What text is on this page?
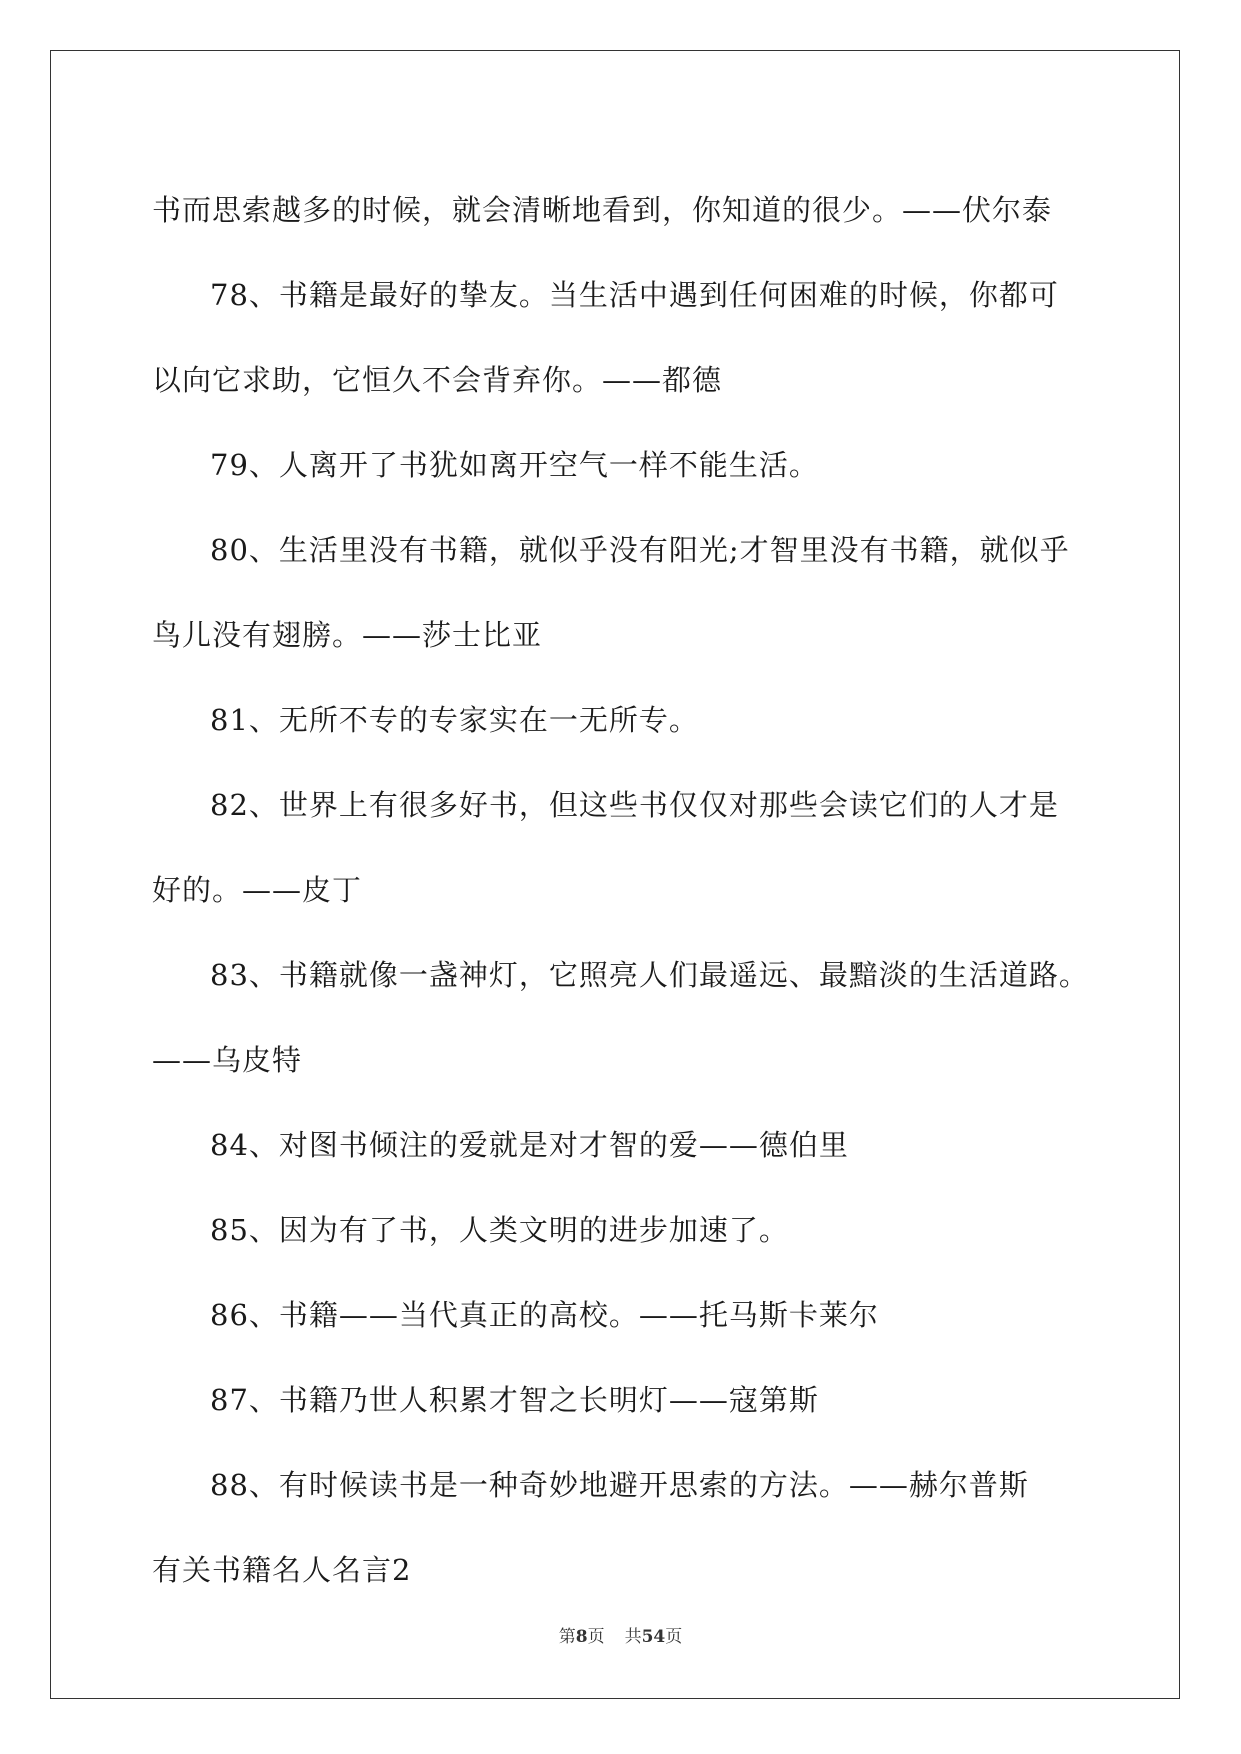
书而思索越多的时候，就会清晰地看到，你知道的很少。——伏尔泰
78、书籍是最好的挚友。当生活中遇到任何困难的时候，你都可
以向它求助，它恒久不会背弃你。——都德
79、人离开了书犹如离开空气一样不能生活。
80、生活里没有书籍，就似乎没有阳光;才智里没有书籍，就似乎
鸟儿没有翅膀。——莎士比亚
81、无所不专的专家实在一无所专。
82、世界上有很多好书，但这些书仅仅对那些会读它们的人才是
好的。——皮丁
83、书籍就像一盏神灯，它照亮人们最遥远、最黯淡的生活道路。
——乌皮特
84、对图书倾注的爱就是对才智的爱——德伯里
85、因为有了书，人类文明的进步加速了。
86、书籍——当代真正的高校。——托马斯卡莱尔
87、书籍乃世人积累才智之长明灯——寇第斯
88、有时候读书是一种奇妙地避开思索的方法。——赫尔普斯
有关书籍名人名言2
第8页 共54页
